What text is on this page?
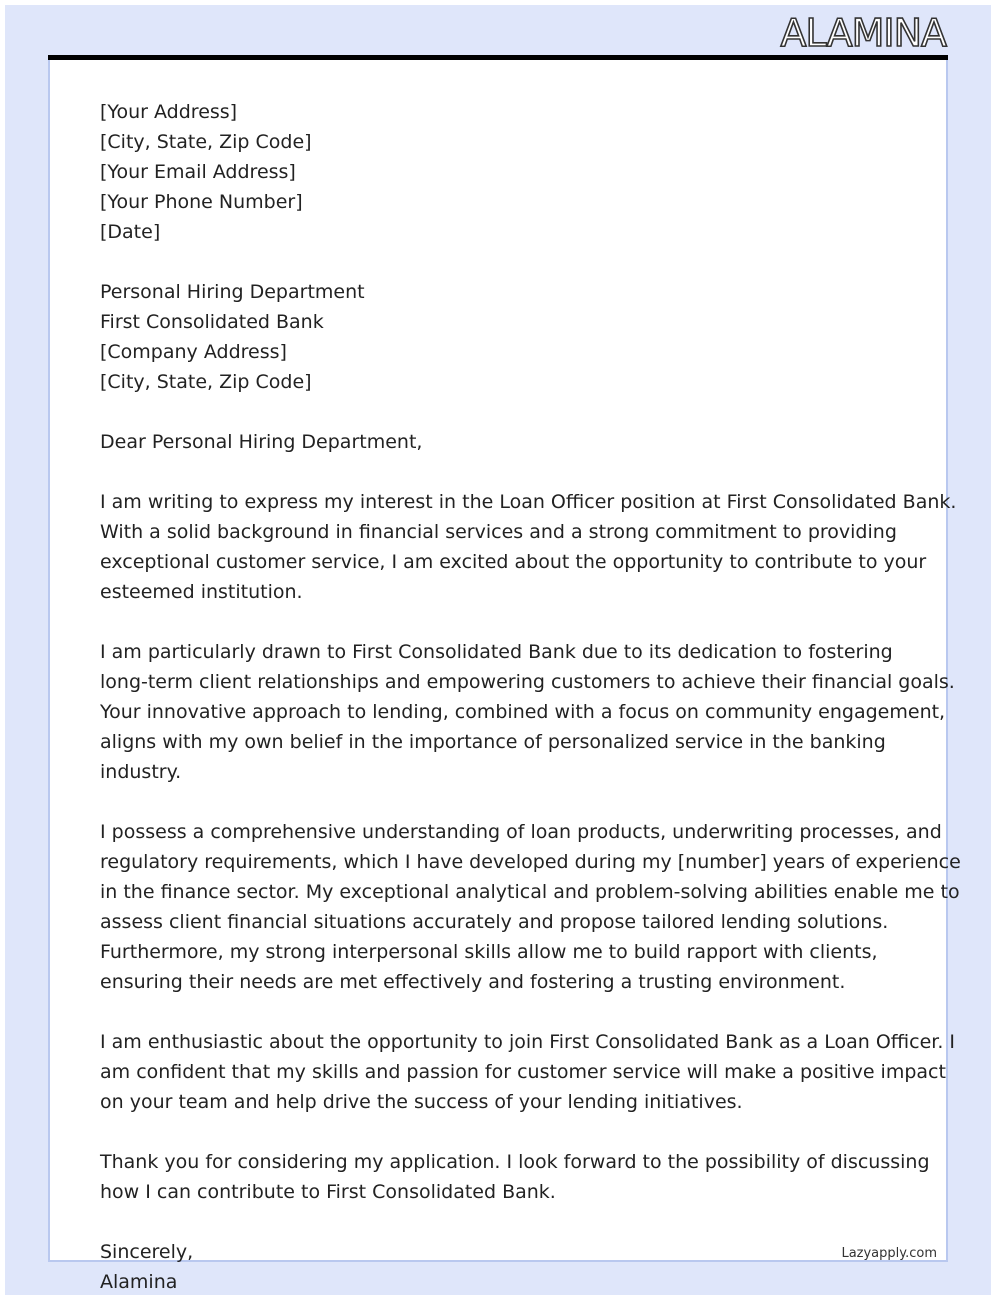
ALAMINA
[Your Address]
[City, State, Zip Code]
[Your Email Address]
[Your Phone Number]
[Date]
Personal Hiring Department
First Consolidated Bank
[Company Address]
[City, State, Zip Code]
Dear Personal Hiring Department,
I am writing to express my interest in the Loan Officer position at First Consolidated Bank.
With a solid background in financial services and a strong commitment to providing
exceptional customer service, I am excited about the opportunity to contribute to your
esteemed institution.
I am particularly drawn to First Consolidated Bank due to its dedication to fostering
long-term client relationships and empowering customers to achieve their financial goals.
Your innovative approach to lending, combined with a focus on community engagement,
aligns with my own belief in the importance of personalized service in the banking
industry.
I possess a comprehensive understanding of loan products, underwriting processes, and
regulatory requirements, which I have developed during my [number] years of experience
in the finance sector. My exceptional analytical and problem-solving abilities enable me to
assess client financial situations accurately and propose tailored lending solutions.
Furthermore, my strong interpersonal skills allow me to build rapport with clients,
ensuring their needs are met effectively and fostering a trusting environment.
I am enthusiastic about the opportunity to join First Consolidated Bank as a Loan Officer. I
am confident that my skills and passion for customer service will make a positive impact
on your team and help drive the success of your lending initiatives.
Thank you for considering my application. I look forward to the possibility of discussing
how I can contribute to First Consolidated Bank.
Sincerely,
Alamina
Lazyapply.com
